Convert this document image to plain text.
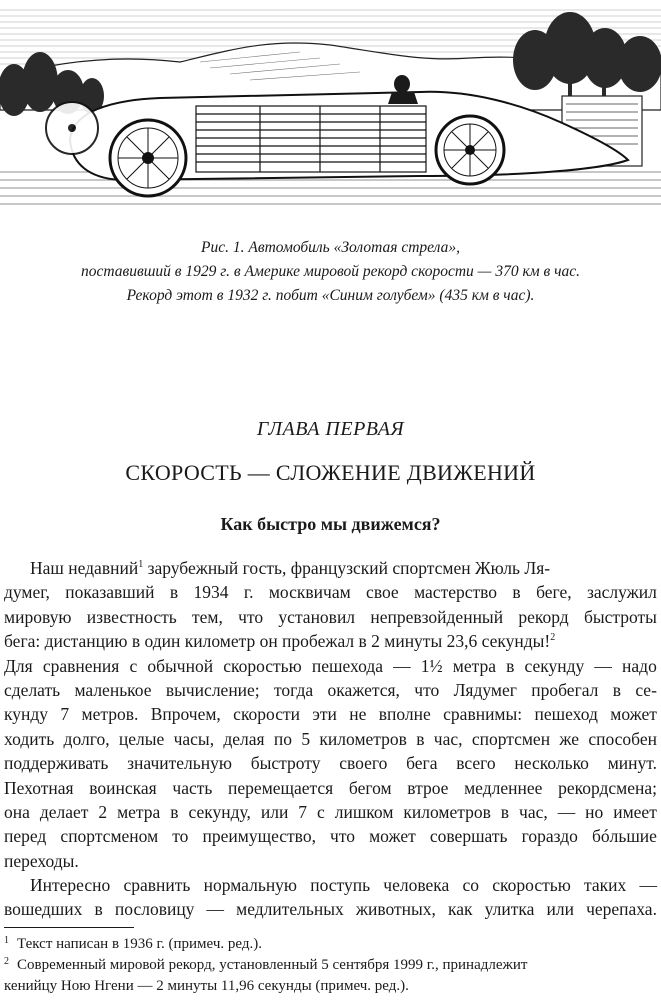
Рис. 1. Автомобиль «Золотая стрела»,
поставивший в 1929 г. в Америке мировой рекорд скорости — 370 км в час.
Рекорд этот в 1932 г. побит «Синим голубем» (435 км в час).
ГЛАВА ПЕРВАЯ
СКОРОСТЬ — СЛОЖЕНИЕ ДВИЖЕНИЙ
Как быстро мы движемся?
Наш недавний$^1$ зарубежный гость, французский спортсмен Жюль Ля-
думег, показавший в 1934 г. москвичам свое мастерство в беге, заслужил
мировую известность тем, что установил непревзойденный рекорд быстроты
бега: дистанцию в один километр он пробежал в 2 минуты 23,6 секунды!$^2$
Для сравнения с обычной скоростью пешехода — 1½ метра в секунду — надо
сделать маленькое вычисление; тогда окажется, что Лядумег пробегал в се-
кунду 7 метров. Впрочем, скорости эти не вполне сравнимы: пешеход может
ходить долго, целые часы, делая по 5 километров в час, спортсмен же способен
поддерживать значительную быстроту своего бега всего несколько минут.
Пехотная воинская часть перемещается бегом втрое медленнее рекордсмена;
она делает 2 метра в секунду, или 7 с лишком километров в час, — но имеет
перед спортсменом то преимущество, что может совершать гораздо бóльшие
переходы.
Интересно сравнить нормальную поступь человека со скоростью таких —
вошедших в пословицу — медлительных животных, как улитка или черепаха.
$^1$ Текст написан в 1936 г. (примеч. ред.).
$^2$ Современный мировой рекорд, установленный 5 сентября 1999 г., принадлежит
кенийцу Ною Нгени — 2 минуты 11,96 секунды (примеч. ред.).
